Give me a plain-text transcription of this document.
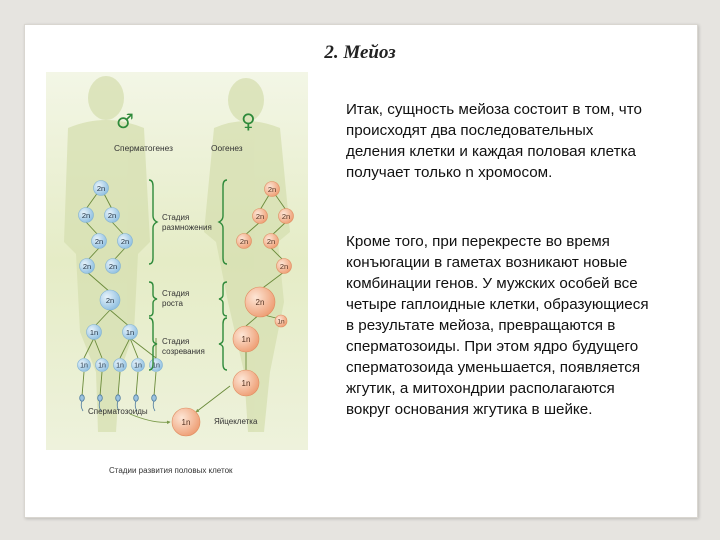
2. Мейоз
♂	♀
Сперматогенез	Оогенез
2n
2n 2n
2n 2n
2n 2n
2n
1n	1n
1n 1n 1n 1n 1n
2n
2n 2n
2n 2n
2n
2n
1n
1n
1n
1n
Стадия
размножения
Стадия
роста
Стадия
созревания
Сперматозоиды
Яйцеклетка
Стадии развития половых клеток

Итак, сущность мейоза состоит в том, что происходят два последовательных деления клетки и каждая половая клетка получает только n хромосом.

Кроме того, при перекресте во время конъюгации в гаметах возникают новые комбинации генов. У мужских особей все четыре гаплоидные клетки, образующиеся в результате мейоза, превращаются в сперматозоиды. При этом ядро будущего сперматозоида уменьшается, появляется жгутик, а митохондрии располагаются вокруг основания жгутика в шейке.
